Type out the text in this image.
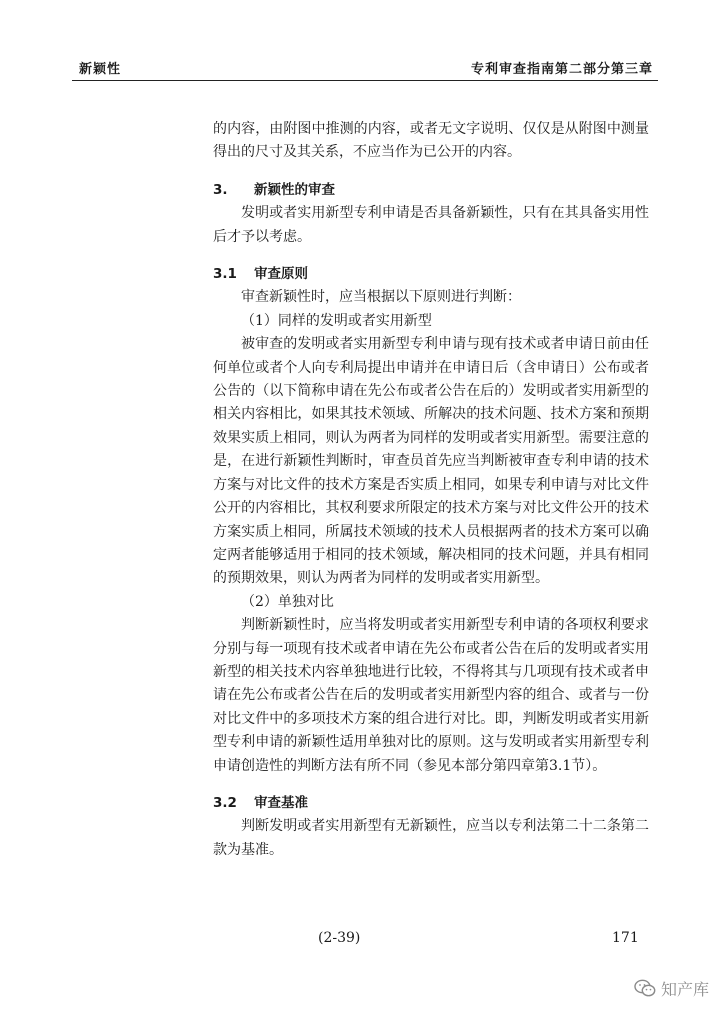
新颖性	专利审查指南第二部分第三章

的内容，由附图中推测的内容，或者无文字说明、仅仅是从附图中测量得出的尺寸及其关系，不应当作为已公开的内容。

3. 新颖性的审查

发明或者实用新型专利申请是否具备新颖性，只有在其具备实用性后才予以考虑。

3.1 审查原则

审查新颖性时，应当根据以下原则进行判断：

（1）同样的发明或者实用新型

被审查的发明或者实用新型专利申请与现有技术或者申请日前由任何单位或者个人向专利局提出申请并在申请日后（含申请日）公布或者公告的（以下简称申请在先公布或者公告在后的）发明或者实用新型的相关内容相比，如果其技术领域、所解决的技术问题、技术方案和预期效果实质上相同，则认为两者为同样的发明或者实用新型。需要注意的是，在进行新颖性判断时，审查员首先应当判断被审查专利申请的技术方案与对比文件的技术方案是否实质上相同，如果专利申请与对比文件公开的内容相比，其权利要求所限定的技术方案与对比文件公开的技术方案实质上相同，所属技术领域的技术人员根据两者的技术方案可以确定两者能够适用于相同的技术领域，解决相同的技术问题，并具有相同的预期效果，则认为两者为同样的发明或者实用新型。

（2）单独对比

判断新颖性时，应当将发明或者实用新型专利申请的各项权利要求分别与每一项现有技术或者申请在先公布或者公告在后的发明或者实用新型的相关技术内容单独地进行比较，不得将其与几项现有技术或者申请在先公布或者公告在后的发明或者实用新型内容的组合、或者与一份对比文件中的多项技术方案的组合进行对比。即，判断发明或者实用新型专利申请的新颖性适用单独对比的原则。这与发明或者实用新型专利申请创造性的判断方法有所不同（参见本部分第四章第3.1节）。

3.2 审查基准

判断发明或者实用新型有无新颖性，应当以专利法第二十二条第二款为基准。

(2-39)	171
知产库
